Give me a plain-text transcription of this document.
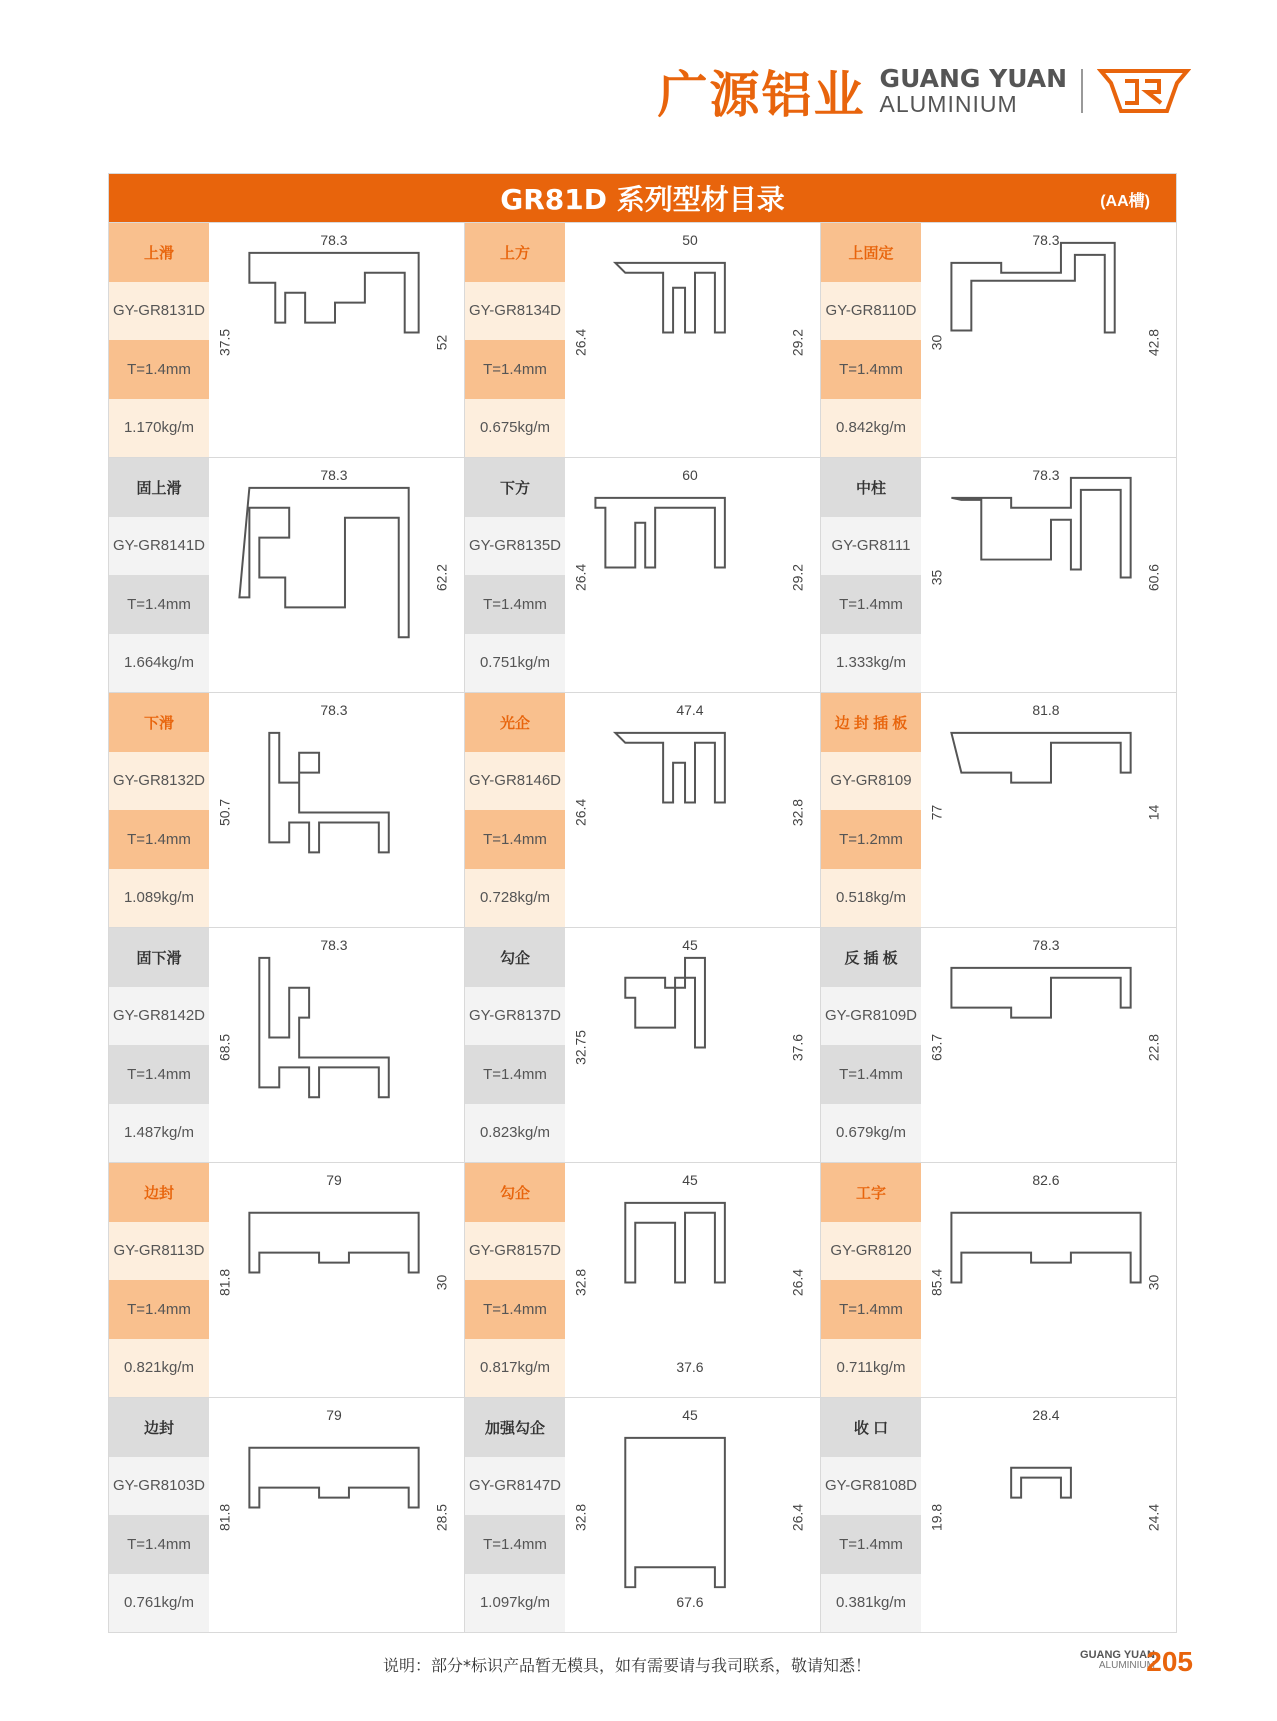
广源铝业 GUANG YUAN
ALUMINIUM
GR81D 系列型材目录	(AA槽)
上滑
GY-GR8131D
T=1.4mm
1.170kg/m
78.3
37.5	52
上方
GY-GR8134D
T=1.4mm
0.675kg/m
50
26.4	29.2
上固定
GY-GR8110D
T=1.4mm
0.842kg/m
78.3
30	42.8
固上滑
GY-GR8141D
T=1.4mm
1.664kg/m
78.3
62.2
下方
GY-GR8135D
T=1.4mm
0.751kg/m
60
26.4	29.2
中柱
GY-GR8111
T=1.4mm
1.333kg/m
78.3
35	60.6
下滑
GY-GR8132D
T=1.4mm
1.089kg/m
78.3
50.7
光企
GY-GR8146D
T=1.4mm
0.728kg/m
47.4
26.4	32.8
边 封 插 板
GY-GR8109
T=1.2mm
0.518kg/m
81.8
77	14
固下滑
GY-GR8142D
T=1.4mm
1.487kg/m
78.3
68.5
勾企
GY-GR8137D
T=1.4mm
0.823kg/m
45
32.75	37.6
反 插 板
GY-GR8109D
T=1.4mm
0.679kg/m
78.3
63.7	22.8
边封
GY-GR8113D
T=1.4mm
0.821kg/m
79
81.8	30
勾企
GY-GR8157D
T=1.4mm
0.817kg/m
45
32.8	26.4
37.6
工字
GY-GR8120
T=1.4mm
0.711kg/m
82.6
85.4	30
边封
GY-GR8103D
T=1.4mm
0.761kg/m
79
81.8	28.5
加强勾企
GY-GR8147D
T=1.4mm
1.097kg/m
45
32.8	26.4
67.6
收 口
GY-GR8108D
T=1.4mm
0.381kg/m
28.4
19.8	24.4
说明：部分*标识产品暂无模具，如有需要请与我司联系，敬请知悉！
GUANG YUAN
ALUMINIUM
205
